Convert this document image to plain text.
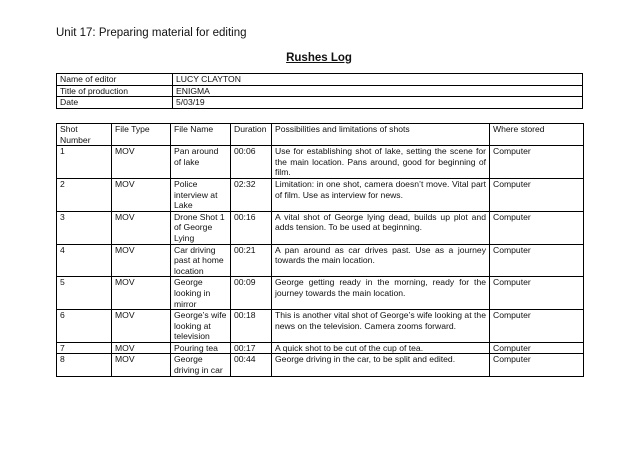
Unit 17: Preparing material for editing
Rushes Log
Name of editor	LUCY CLAYTON
Title of production	ENIGMA
Date	5/03/19
Shot Number	File Type	File Name	Duration	Possibilities and limitations of shots	Where stored
1	MOV	Pan around of lake	00:06	Use for establishing shot of lake, setting the scene for the main location. Pans around, good for beginning of film.	Computer
2	MOV	Police interview at Lake	02:32	Limitation: in one shot, camera doesn’t move. Vital part of film. Use as interview for news.	Computer
3	MOV	Drone Shot 1 of George Lying	00:16	A vital shot of George lying dead, builds up plot and adds tension. To be used at beginning.	Computer
4	MOV	Car driving past at home location	00:21	A pan around as car drives past. Use as a journey towards the main location.	Computer
5	MOV	George looking in mirror	00:09	George getting ready in the morning, ready for the journey towards the main location.	Computer
6	MOV	George’s wife looking at television	00:18	This is another vital shot of George’s wife looking at the news on the television. Camera zooms forward.	Computer
7	MOV	Pouring tea	00:17	A quick shot to be cut of the cup of tea.	Computer
8	MOV	George driving in car	00:44	George driving in the car, to be split and edited.	Computer
